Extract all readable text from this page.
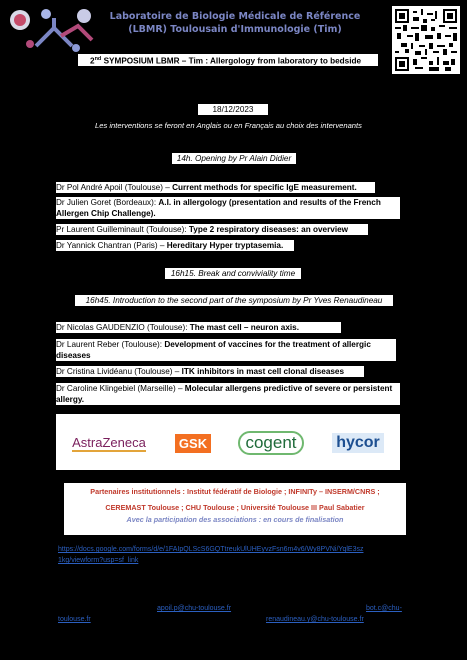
Laboratoire de Biologie Médicale de Référence
(LBMR) Toulousain d'Immunologie (Tim)
2nd SYMPOSIUM LBMR – Tim : Allergology from laboratory to bedside
18/12/2023
Les interventions se feront en Anglais ou en Français au choix des intervenants
14h. Opening by Pr Alain Didier
Dr Pol André Apoil (Toulouse) – Current methods for specific IgE measurement.
Dr Julien Goret (Bordeaux): A.I. in allergology (presentation and results of the French Allergen Chip Challenge).
Pr Laurent Guilleminault (Toulouse): Type 2 respiratory diseases: an overview
Dr Yannick Chantran (Paris) – Hereditary Hyper tryptasemia.
16h15. Break and conviviality time
16h45. Introduction to the second part of the symposium by Pr Yves Renaudineau
Dr Nicolas GAUDENZIO (Toulouse): The mast cell – neuron axis.
Dr Laurent Reber (Toulouse): Development of vaccines for the treatment of allergic diseases
Dr Cristina Lividéanu (Toulouse) – ITK inhibitors in mast cell clonal diseases
Dr Caroline Klingebiel (Marseille) – Molecular allergens predictive of severe or persistent allergy.
AstraZeneca	GSK	cogent	hycor
Partenaires institutionnels : Institut fédératif de Biologie ; INFINITy – INSERM/CNRS ;
CEREMAST Toulouse ; CHU Toulouse ; Université Toulouse III Paul Sabatier
Avec la participation des associations : en cours de finalisation
https://docs.google.com/forms/d/e/1FAIpQLScS6GQTtreukUlUHEyvzFsn6m4v6/Wy8PVNi/YqlE3sz
1kg/viewform?usp=sf_link
apoil.p@chu-toulouse.fr	bot.c@chu-
toulouse.fr	renaudineau.y@chu-toulouse.fr
